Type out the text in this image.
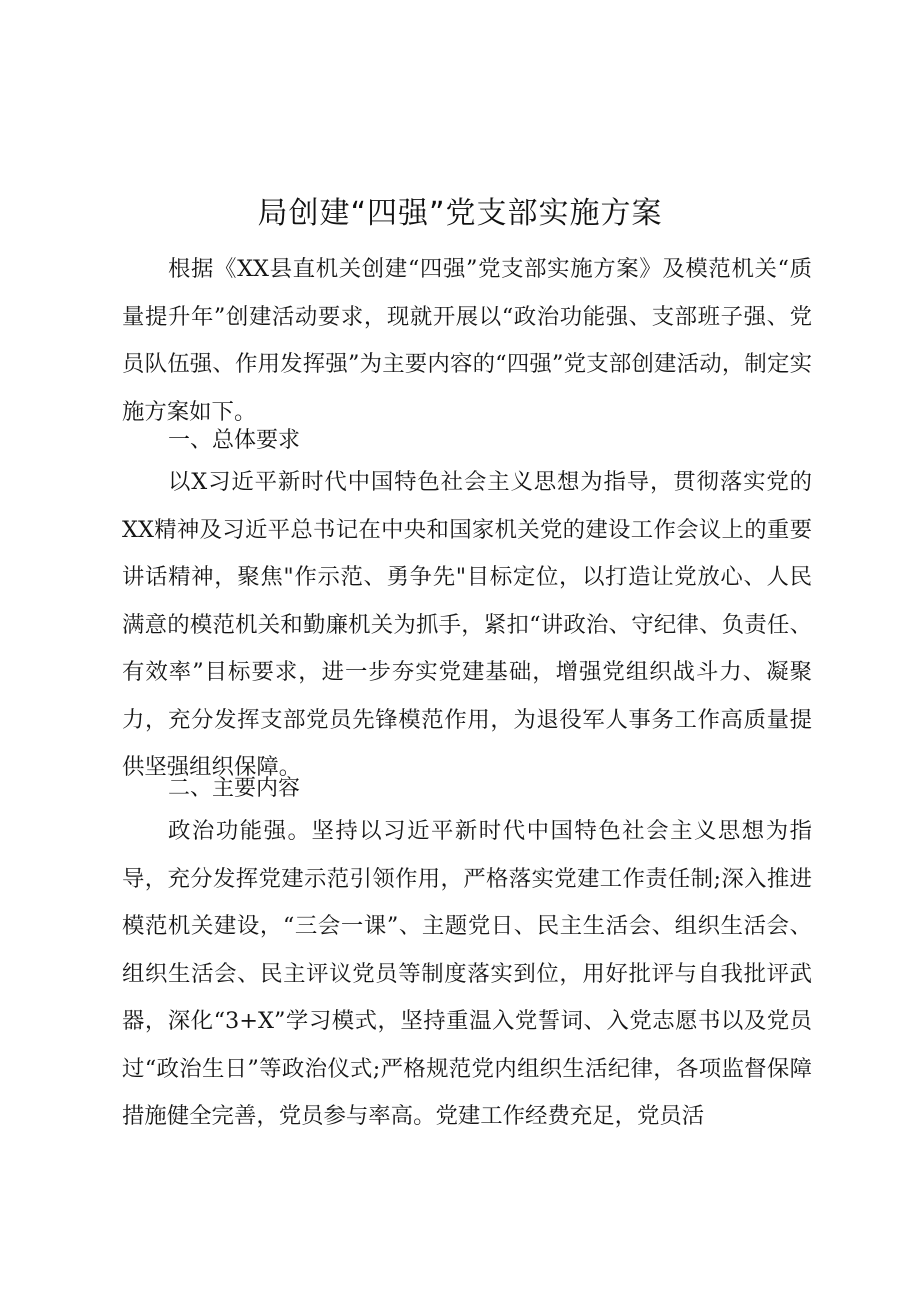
局创建“四强”党支部实施方案

根据《XX县直机关创建“四强”党支部实施方案》及模范机关“质量提升年”创建活动要求，现就开展以“政治功能强、支部班子强、党员队伍强、作用发挥强”为主要内容的“四强”党支部创建活动，制定实施方案如下。

一、总体要求

以X习近平新时代中国特色社会主义思想为指导，贯彻落实党的XX精神及习近平总书记在中央和国家机关党的建设工作会议上的重要讲话精神，聚焦"作示范、勇争先"目标定位，以打造让党放心、人民满意的模范机关和勤廉机关为抓手，紧扣“讲政治、守纪律、负责任、有效率”目标要求，进一步夯实党建基础，增强党组织战斗力、凝聚力，充分发挥支部党员先锋模范作用，为退役军人事务工作高质量提供坚强组织保障。

二、主要内容

政治功能强。坚持以习近平新时代中国特色社会主义思想为指导，充分发挥党建示范引领作用，严格落实党建工作责任制;深入推进模范机关建设，“三会一课”、主题党日、民主生活会、组织生活会、组织生活会、民主评议党员等制度落实到位，用好批评与自我批评武器，深化“3+X”学习模式，坚持重温入党誓词、入党志愿书以及党员过“政治生日”等政治仪式;严格规范党内组织生活纪律，各项监督保障措施健全完善，党员参与率高。党建工作经费充足，党员活
